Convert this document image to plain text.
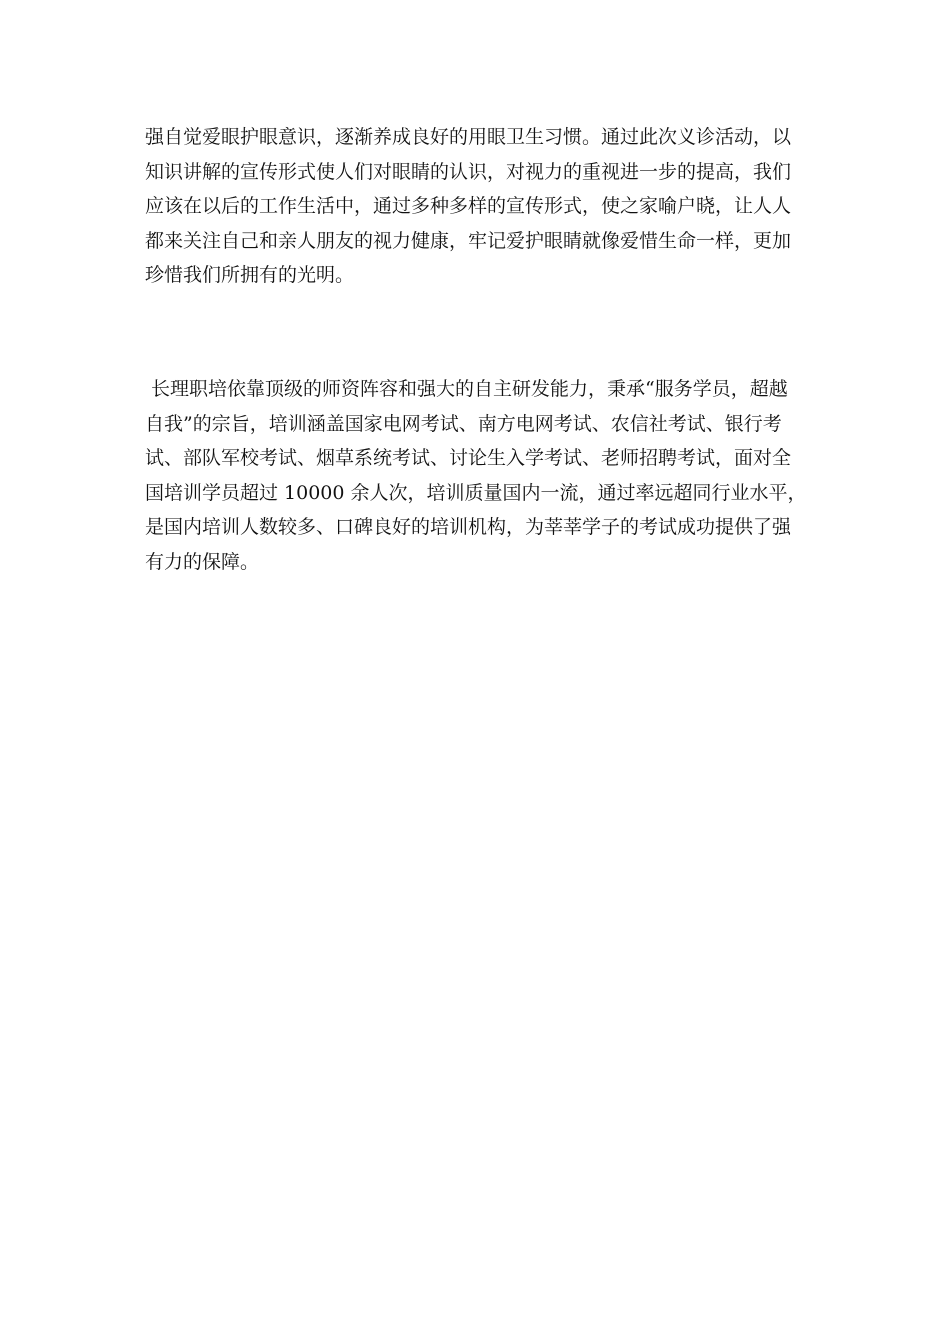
强自觉爱眼护眼意识，逐渐养成良好的用眼卫生习惯。通过此次义诊活动，以
知识讲解的宣传形式使人们对眼睛的认识，对视力的重视进一步的提高，我们
应该在以后的工作生活中，通过多种多样的宣传形式，使之家喻户晓，让人人
都来关注自己和亲人朋友的视力健康，牢记爱护眼睛就像爱惜生命一样，更加
珍惜我们所拥有的光明。

长理职培依靠顶级的师资阵容和强大的自主研发能力，秉承“服务学员，超越
自我”的宗旨，培训涵盖国家电网考试、南方电网考试、农信社考试、银行考
试、部队军校考试、烟草系统考试、讨论生入学考试、老师招聘考试，面对全
国培训学员超过 10000 余人次，培训质量国内一流，通过率远超同行业水平，
是国内培训人数较多、口碑良好的培训机构，为莘莘学子的考试成功提供了强
有力的保障。
